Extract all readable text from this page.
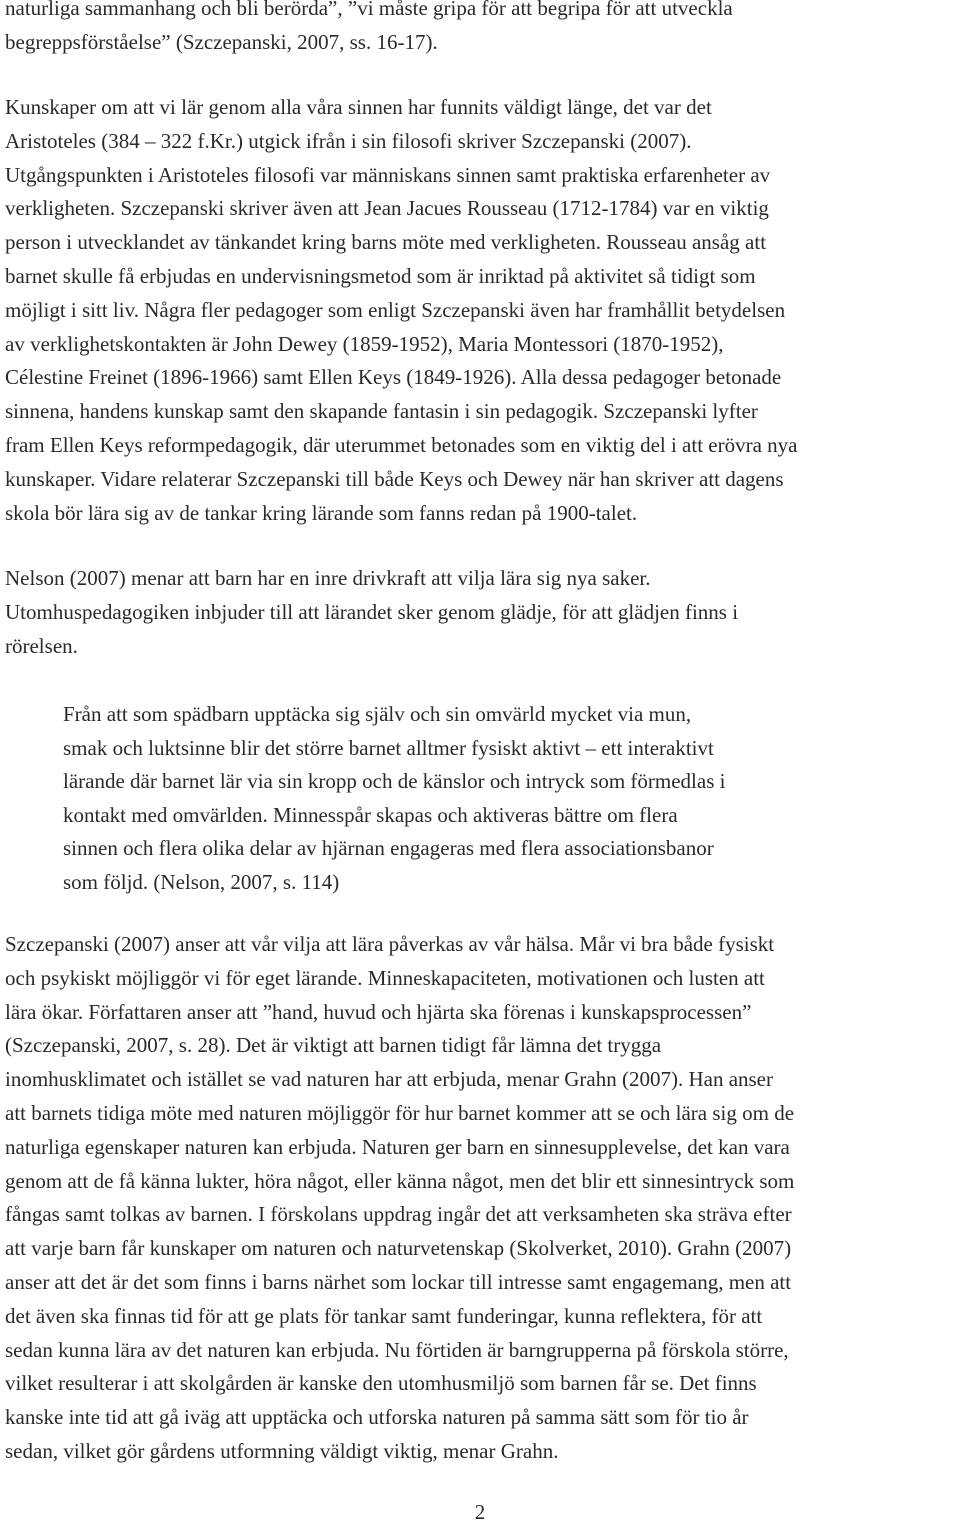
naturliga sammanhang och bli berörda”, ”vi måste gripa för att begripa för att utveckla
begreppsförståelse” (Szczepanski, 2007, ss. 16-17).

Kunskaper om att vi lär genom alla våra sinnen har funnits väldigt länge, det var det
Aristoteles (384 – 322 f.Kr.) utgick ifrån i sin filosofi skriver Szczepanski (2007).
Utgångspunkten i Aristoteles filosofi var människans sinnen samt praktiska erfarenheter av
verkligheten. Szczepanski skriver även att Jean Jacues Rousseau (1712-1784) var en viktig
person i utvecklandet av tänkandet kring barns möte med verkligheten. Rousseau ansåg att
barnet skulle få erbjudas en undervisningsmetod som är inriktad på aktivitet så tidigt som
möjligt i sitt liv. Några fler pedagoger som enligt Szczepanski även har framhållit betydelsen
av verklighetskontakten är John Dewey (1859-1952), Maria Montessori (1870-1952),
Célestine Freinet (1896-1966) samt Ellen Keys (1849-1926). Alla dessa pedagoger betonade
sinnena, handens kunskap samt den skapande fantasin i sin pedagogik. Szczepanski lyfter
fram Ellen Keys reformpedagogik, där uterummet betonades som en viktig del i att erövra nya
kunskaper. Vidare relaterar Szczepanski till både Keys och Dewey när han skriver att dagens
skola bör lära sig av de tankar kring lärande som fanns redan på 1900-talet.

Nelson (2007) menar att barn har en inre drivkraft att vilja lära sig nya saker.
Utomhuspedagogiken inbjuder till att lärandet sker genom glädje, för att glädjen finns i
rörelsen.

Från att som spädbarn upptäcka sig själv och sin omvärld mycket via mun,
smak och luktsinne blir det större barnet alltmer fysiskt aktivt – ett interaktivt
lärande där barnet lär via sin kropp och de känslor och intryck som förmedlas i
kontakt med omvärlden. Minnesspår skapas och aktiveras bättre om flera
sinnen och flera olika delar av hjärnan engageras med flera associationsbanor
som följd. (Nelson, 2007, s. 114)

Szczepanski (2007) anser att vår vilja att lära påverkas av vår hälsa. Mår vi bra både fysiskt
och psykiskt möjliggör vi för eget lärande. Minneskapaciteten, motivationen och lusten att
lära ökar. Författaren anser att ”hand, huvud och hjärta ska förenas i kunskapsprocessen”
(Szczepanski, 2007, s. 28). Det är viktigt att barnen tidigt får lämna det trygga
inomhusklimatet och istället se vad naturen har att erbjuda, menar Grahn (2007). Han anser
att barnets tidiga möte med naturen möjliggör för hur barnet kommer att se och lära sig om de
naturliga egenskaper naturen kan erbjuda. Naturen ger barn en sinnesupplevelse, det kan vara
genom att de få känna lukter, höra något, eller känna något, men det blir ett sinnesintryck som
fångas samt tolkas av barnen. I förskolans uppdrag ingår det att verksamheten ska sträva efter
att varje barn får kunskaper om naturen och naturvetenskap (Skolverket, 2010). Grahn (2007)
anser att det är det som finns i barns närhet som lockar till intresse samt engagemang, men att
det även ska finnas tid för att ge plats för tankar samt funderingar, kunna reflektera, för att
sedan kunna lära av det naturen kan erbjuda. Nu förtiden är barngrupperna på förskola större,
vilket resulterar i att skolgården är kanske den utomhusmiljö som barnen får se. Det finns
kanske inte tid att gå iväg att upptäcka och utforska naturen på samma sätt som för tio år
sedan, vilket gör gårdens utformning väldigt viktig, menar Grahn.

2
